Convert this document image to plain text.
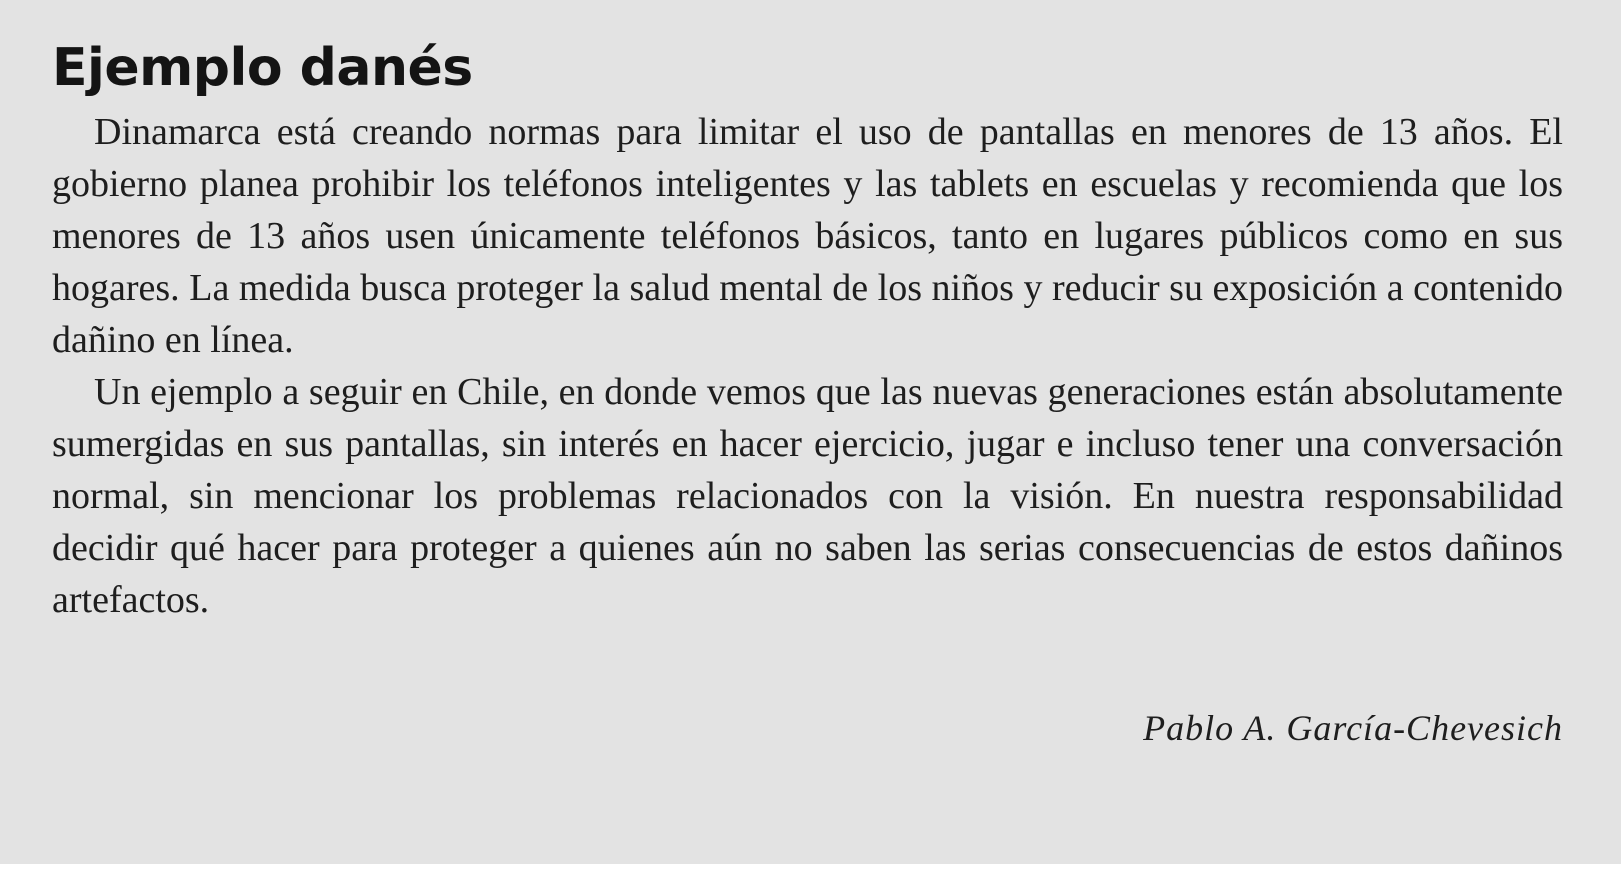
Ejemplo danés

Dinamarca está creando normas para limitar el uso de pantallas en menores de 13 años. El gobierno planea prohibir los teléfonos inteligentes y las tablets en escuelas y recomienda que los menores de 13 años usen únicamente teléfonos básicos, tanto en lugares públicos como en sus hogares. La medida busca proteger la salud mental de los niños y reducir su exposición a contenido dañino en línea.

Un ejemplo a seguir en Chile, en donde vemos que las nuevas generaciones están absolutamente sumergidas en sus pantallas, sin interés en hacer ejercicio, jugar e incluso tener una conversación normal, sin mencionar los problemas relacionados con la visión. En nuestra responsabilidad decidir qué hacer para proteger a quienes aún no saben las serias consecuencias de estos dañinos artefactos.

Pablo A. García-Chevesich
